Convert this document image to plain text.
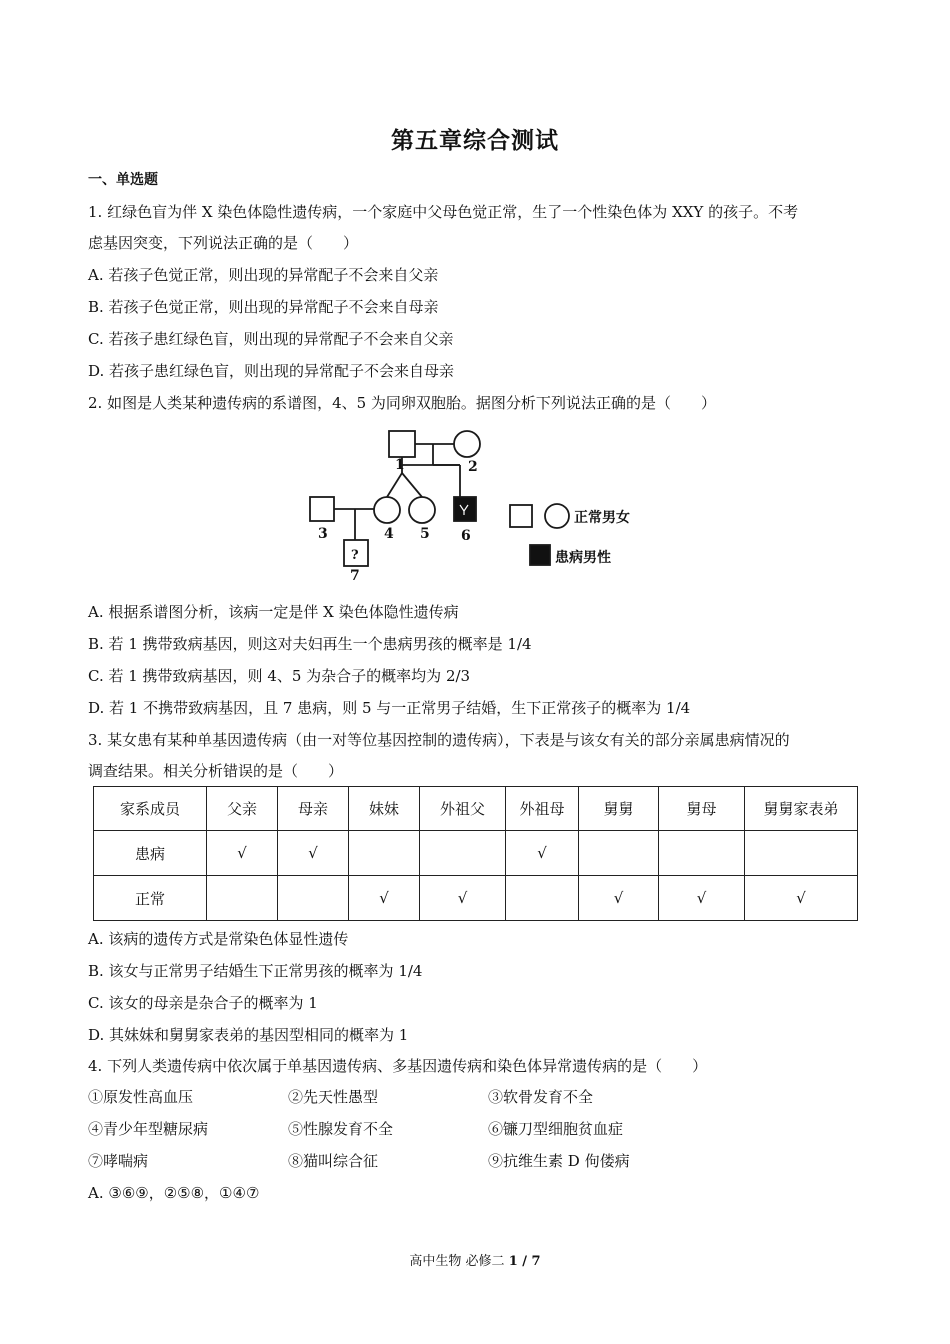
第五章综合测试
一、单选题
1. 红绿色盲为伴 X 染色体隐性遗传病，一个家庭中父母色觉正常，生了一个性染色体为 XXY 的孩子。不考
虑基因突变，下列说法正确的是（　　）
A. 若孩子色觉正常，则出现的异常配子不会来自父亲
B. 若孩子色觉正常，则出现的异常配子不会来自母亲
C. 若孩子患红绿色盲，则出现的异常配子不会来自父亲
D. 若孩子患红绿色盲，则出现的异常配子不会来自母亲
2. 如图是人类某种遗传病的系谱图，4、5 为同卵双胞胎。据图分析下列说法正确的是（　　）
1	2
3	4 5 6
7
?
正常男女
患病男性
A. 根据系谱图分析，该病一定是伴 X 染色体隐性遗传病
B. 若 1 携带致病基因，则这对夫妇再生一个患病男孩的概率是 1/4
C. 若 1 携带致病基因，则 4、5 为杂合子的概率均为 2/3
D. 若 1 不携带致病基因，且 7 患病，则 5 与一正常男子结婚，生下正常孩子的概率为 1/4
3. 某女患有某种单基因遗传病（由一对等位基因控制的遗传病），下表是与该女有关的部分亲属患病情况的
调查结果。相关分析错误的是（　　）
家系成员	父亲	母亲	妹妹	外祖父	外祖母	舅舅	舅母	舅舅家表弟
患病	√	√			√			
正常			√	√		√	√	√
A. 该病的遗传方式是常染色体显性遗传
B. 该女与正常男子结婚生下正常男孩的概率为 1/4
C. 该女的母亲是杂合子的概率为 1
D. 其妹妹和舅舅家表弟的基因型相同的概率为 1
4. 下列人类遗传病中依次属于单基因遗传病、多基因遗传病和染色体异常遗传病的是（　　）
①原发性高血压	②先天性愚型	③软骨发育不全
④青少年型糖尿病	⑤性腺发育不全	⑥镰刀型细胞贫血症
⑦哮喘病	⑧猫叫综合征	⑨抗维生素 D 佝偻病
A. ③⑥⑨，②⑤⑧，①④⑦
高中生物 必修二 1 / 7
